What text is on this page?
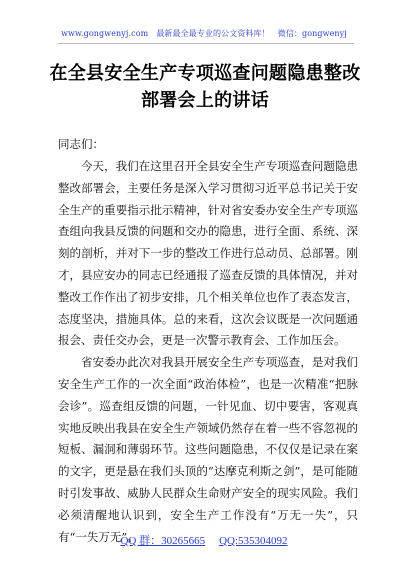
www.gongwenyj.com 最新最全最专业的公文资料库！ 微信：gongwenyj
在全县安全生产专项巡查问题隐患整改部署会上的讲话
同志们：

今天，我们在这里召开全县安全生产专项巡查问题隐患整改部署会，主要任务是深入学习贯彻习近平总书记关于安全生产的重要指示批示精神，针对省安委办安全生产专项巡查组向我县反馈的问题和交办的隐患，进行全面、系统、深刻的剖析，并对下一步的整改工作进行总动员、总部署。刚才，县应安办的同志已经通报了巡查反馈的具体情况，并对整改工作作出了初步安排，几个相关单位也作了表态发言，态度坚决，措施具体。总的来看，这次会议既是一次问题通报会、责任交办会，更是一次警示教育会、工作加压会。

省安委办此次对我县开展安全生产专项巡查，是对我们安全生产工作的一次全面“政治体检”，也是一次精准“把脉会诊”。巡查组反馈的问题，一针见血、切中要害，客观真实地反映出我县在安全生产领域仍然存在着一些不容忽视的短板、漏洞和薄弱环节。这些问题隐患，不仅仅是记录在案的文字，更是悬在我们头顶的“达摩克利斯之剑”，是可能随时引发事故、威胁人民群众生命财产安全的现实风险。我们必须清醒地认识到，安全生产工作没有“万无一失”，只有“一失万无”。

QQ 群：30265665 QQ:535304092
